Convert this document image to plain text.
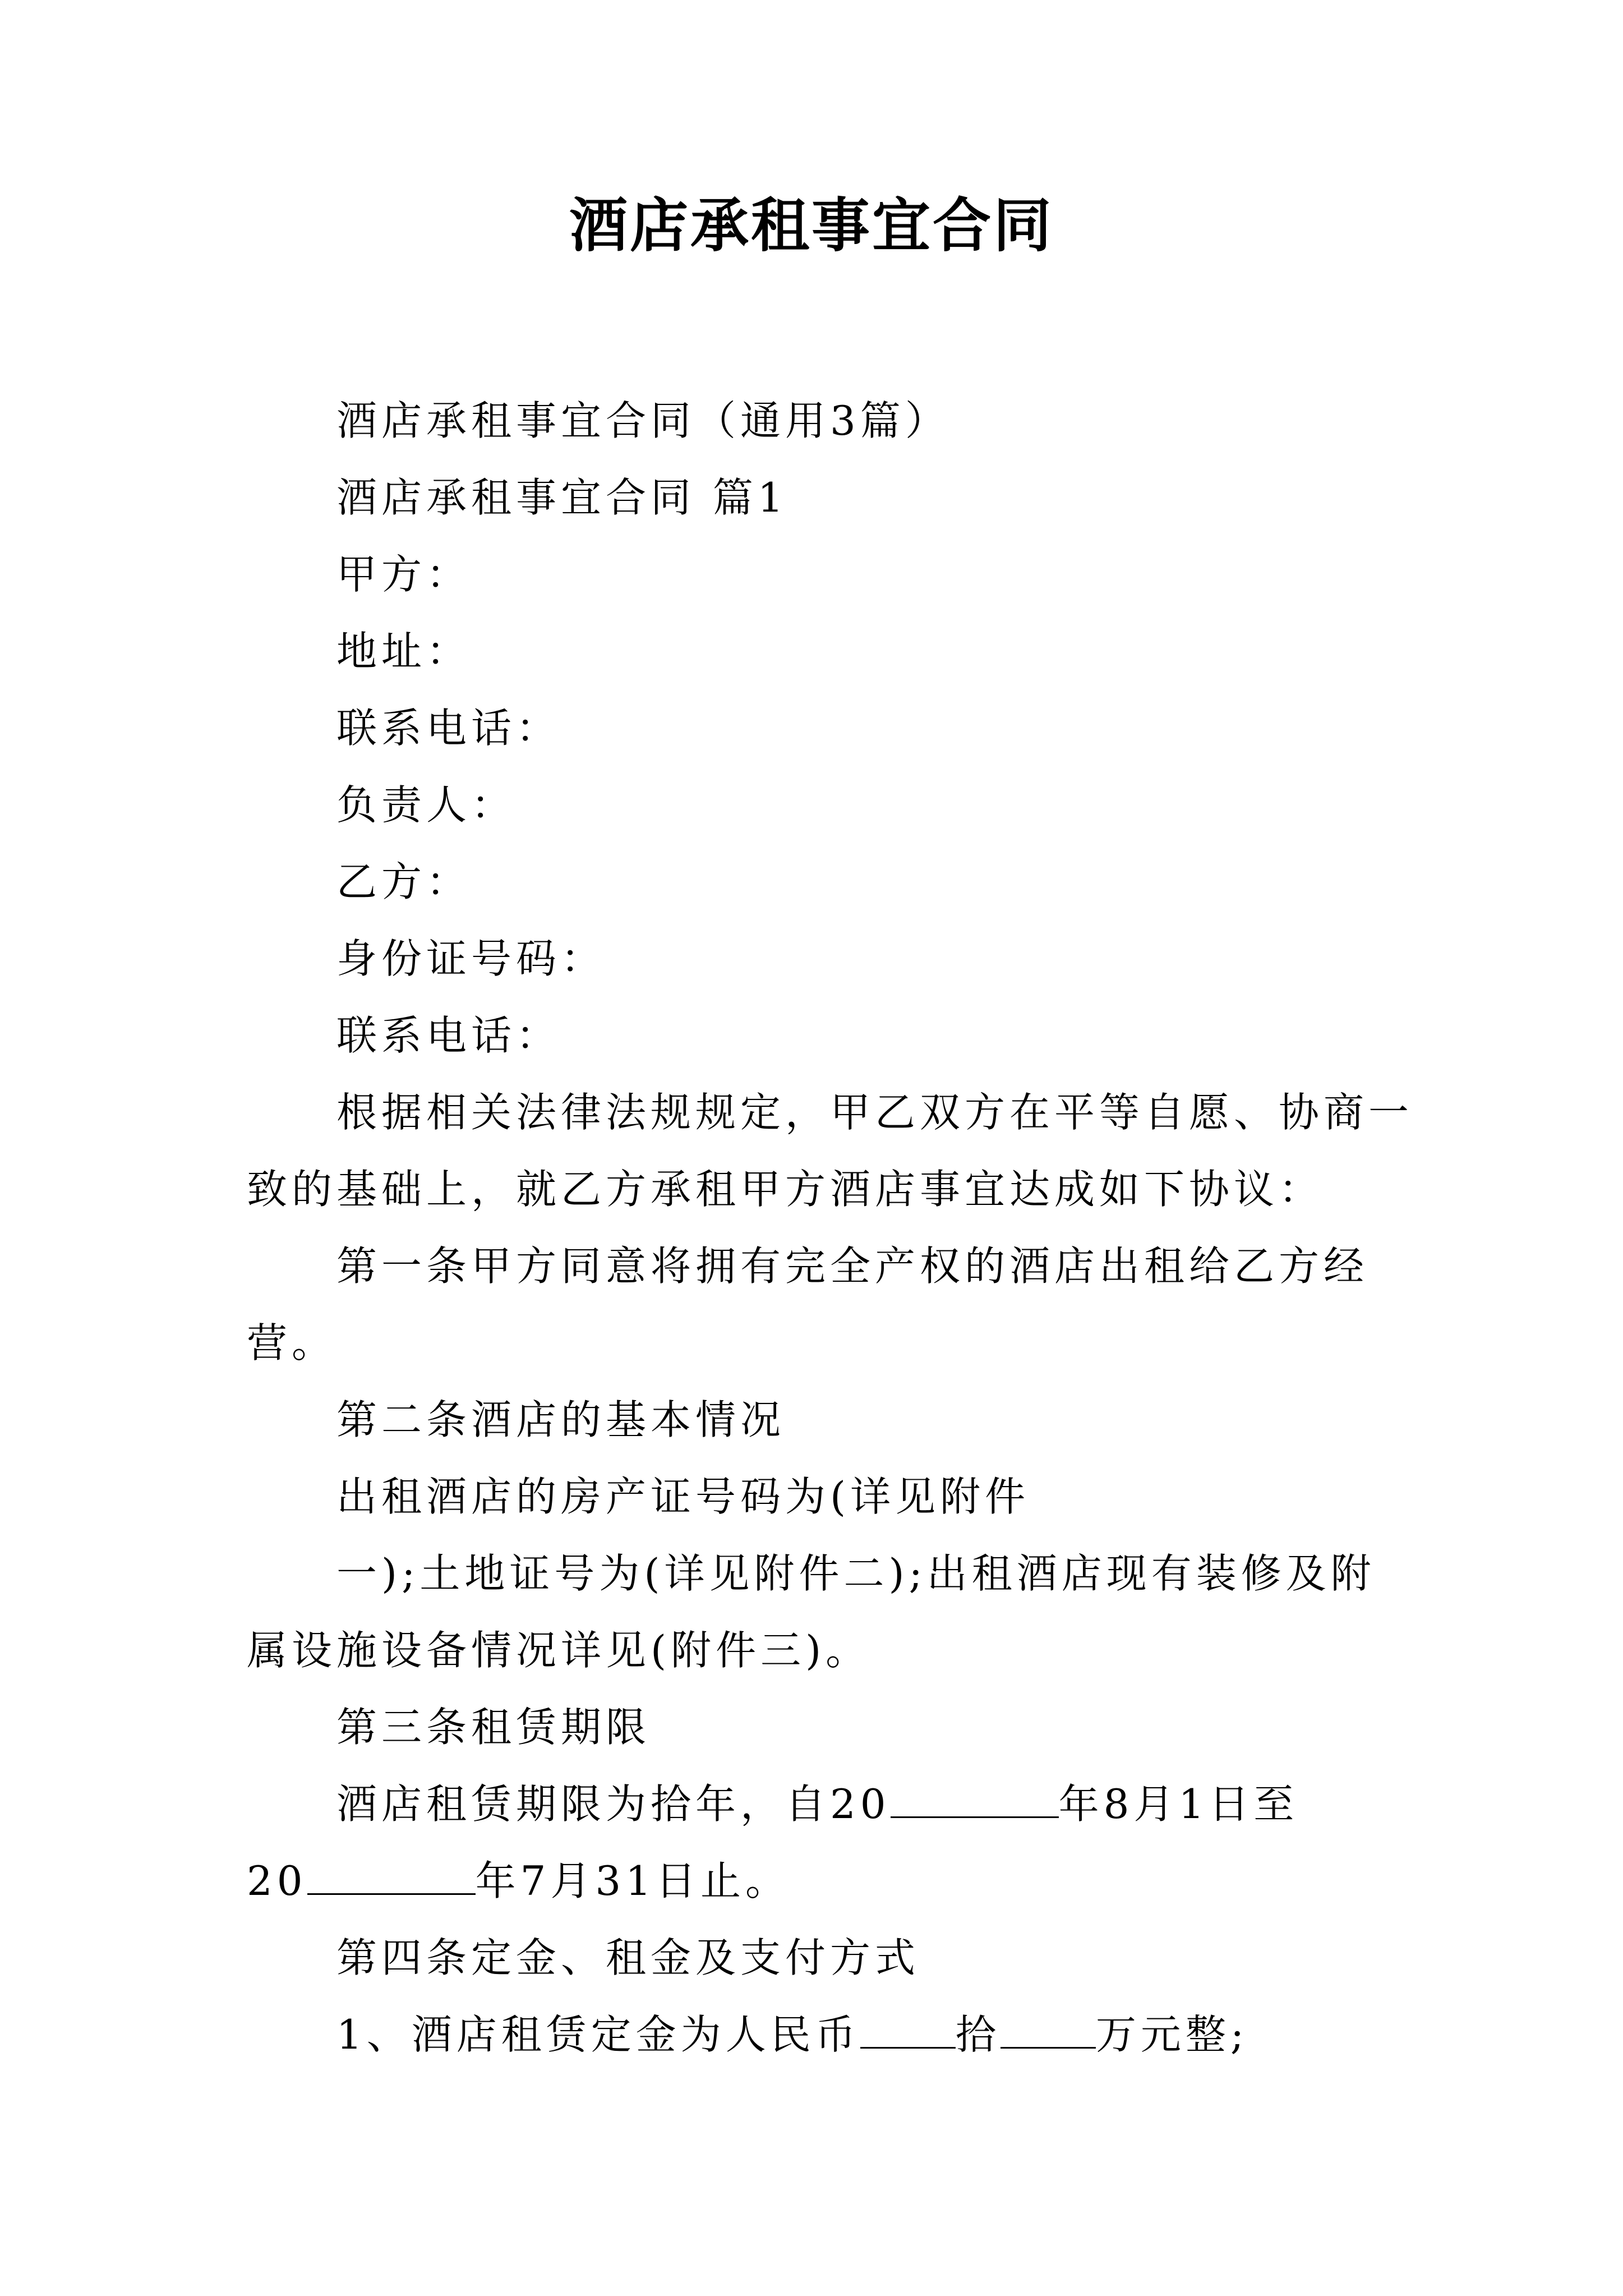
酒店承租事宜合同

酒店承租事宜合同（通用3篇）

酒店承租事宜合同 篇1

甲方：

地址：

联系电话：

负责人：

乙方：

身份证号码：

联系电话：

根据相关法律法规规定，甲乙双方在平等自愿、协商一

致的基础上，就乙方承租甲方酒店事宜达成如下协议：

第一条甲方同意将拥有完全产权的酒店出租给乙方经

营。

第二条酒店的基本情况

出租酒店的房产证号码为(详见附件

一);土地证号为(详见附件二);出租酒店现有装修及附

属设施设备情况详见(附件三)。

第三条租赁期限

酒店租赁期限为拾年，自20	年8月1日至

20	年7月31日止。

第四条定金、租金及支付方式

1、酒店租赁定金为人民币 拾 万元整;
